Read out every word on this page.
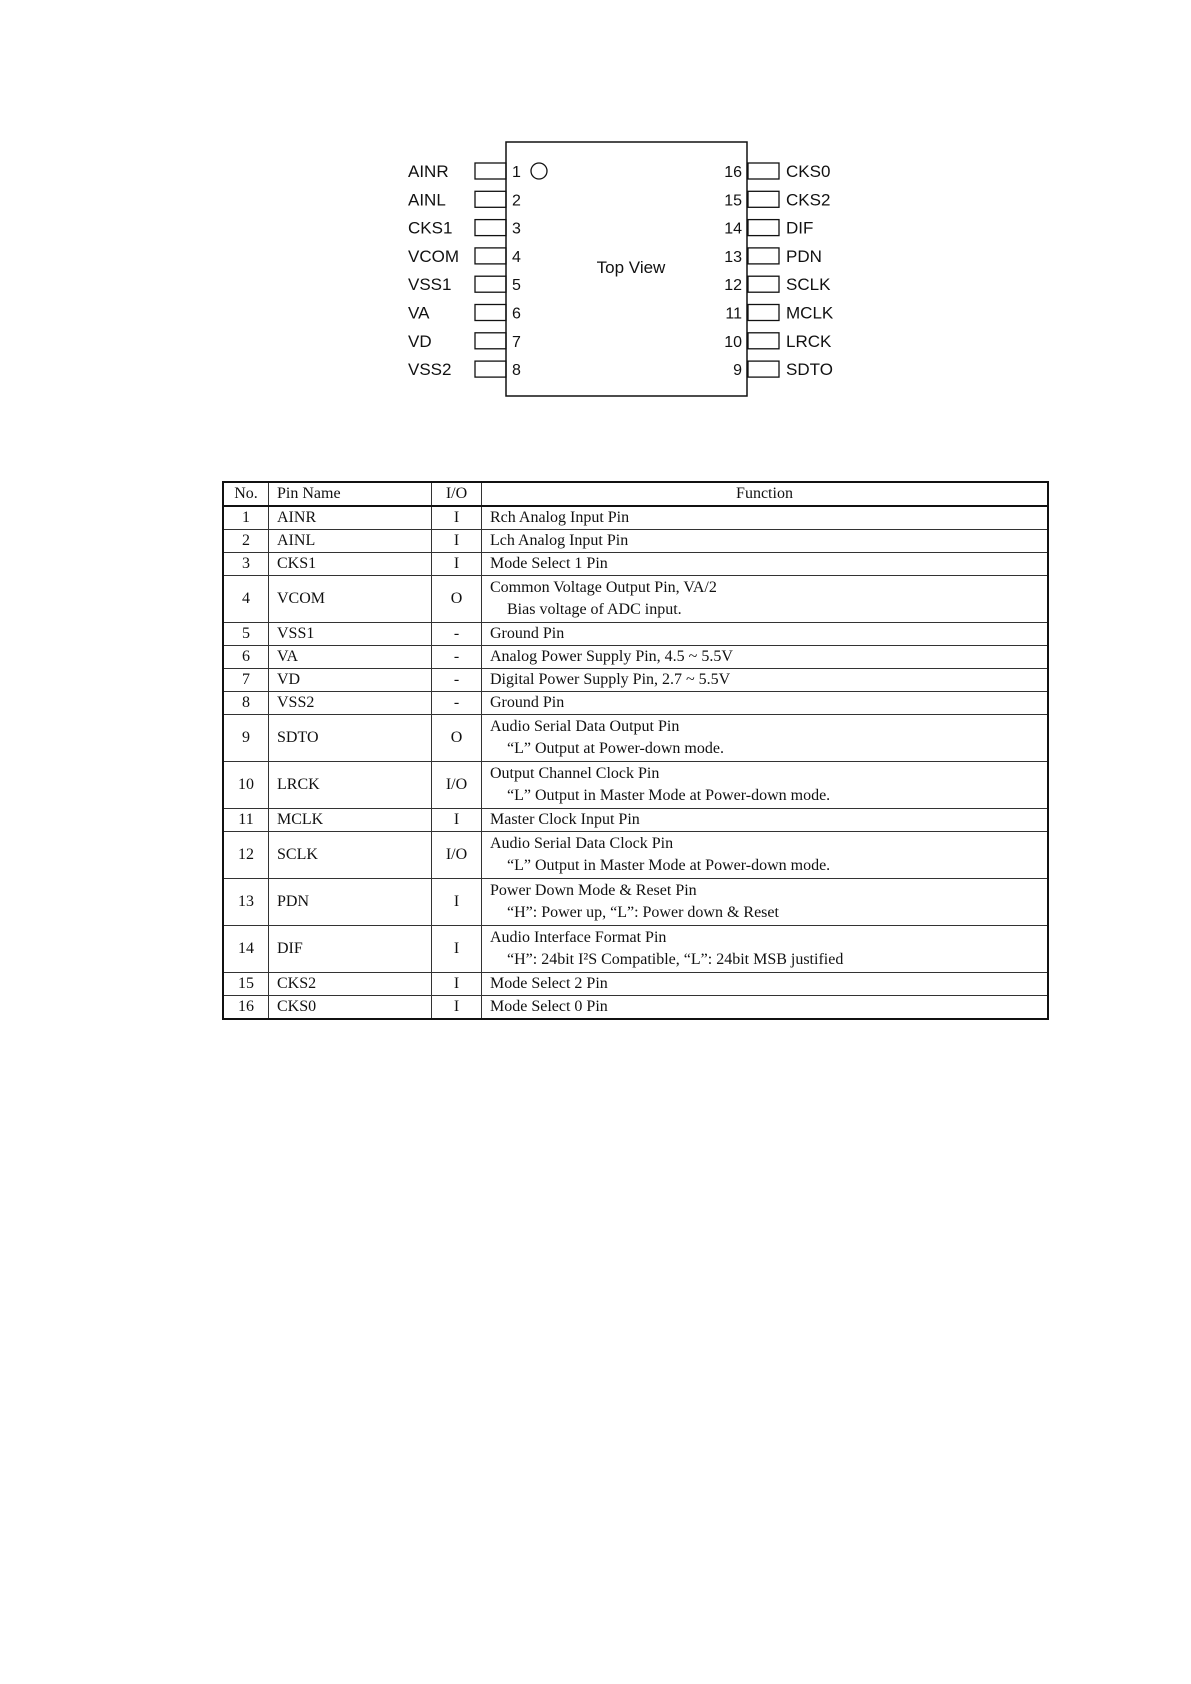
Top View
AINR	1
AINL	2
CKS1	3
VCOM	4
VSS1	5
VA	6
VD	7
VSS2	8
CKS0
16
CKS2
15
DIF
14
PDN
13
SCLK
12
MCLK
11
LRCK
10
SDTO
9
No.	Pin Name	I/O	Function
1	AINR	I	Rch Analog Input Pin

2	AINL	I	Lch Analog Input Pin

3	CKS1	I	Mode Select 1 Pin

4	VCOM	O	Common Voltage Output Pin, VA/2
Bias voltage of ADC input.

5	VSS1	-	Ground Pin

6	VA	-	Analog Power Supply Pin, 4.5 ~ 5.5V

7	VD	-	Digital Power Supply Pin, 2.7 ~ 5.5V

8	VSS2	-	Ground Pin

9	SDTO	O	Audio Serial Data Output Pin
“L” Output at Power-down mode.

10	LRCK	I/O	Output Channel Clock Pin
“L” Output in Master Mode at Power-down mode.

11	MCLK	I	Master Clock Input Pin

12	SCLK	I/O	Audio Serial Data Clock Pin
“L” Output in Master Mode at Power-down mode.

13	PDN	I	Power Down Mode & Reset Pin
“H”: Power up, “L”: Power down & Reset

14	DIF	I	Audio Interface Format Pin
“H”: 24bit I²S Compatible, “L”: 24bit MSB justified

15	CKS2	I	Mode Select 2 Pin

16	CKS0	I	Mode Select 0 Pin
